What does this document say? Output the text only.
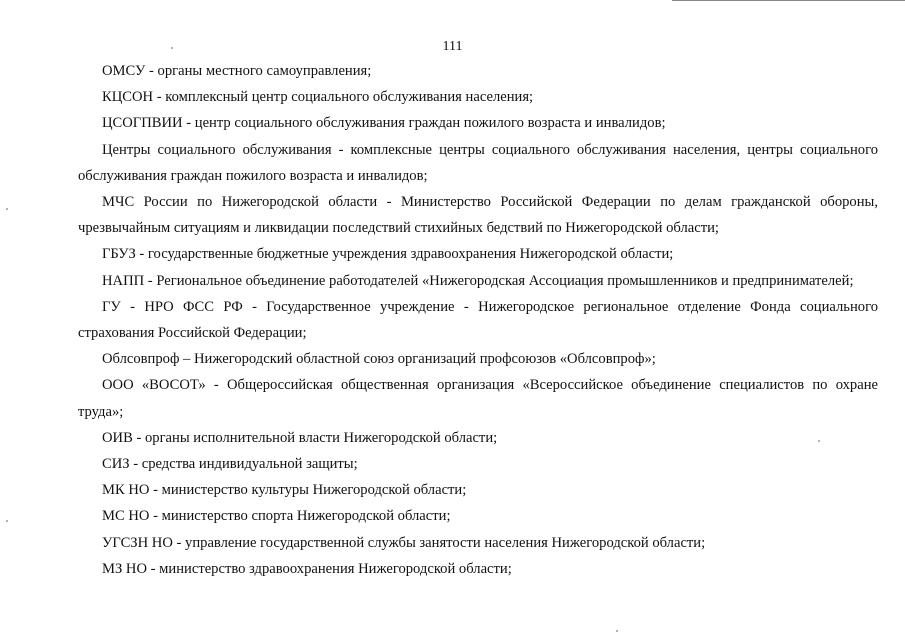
111
ОМСУ - органы местного самоуправления;
КЦСОН - комплексный центр социального обслуживания населения;
ЦСОГПВИИ - центр социального обслуживания граждан пожилого возраста и инвалидов;
Центры социального обслуживания - комплексные центры социального обслуживания населения, центры социального обслуживания граждан пожилого возраста и инвалидов;
МЧС России по Нижегородской области - Министерство Российской Федерации по делам гражданской обороны, чрезвычайным ситуациям и ликвидации последствий стихийных бедствий по Нижегородской области;
ГБУЗ - государственные бюджетные учреждения здравоохранения Нижегородской области;
НАПП - Региональное объединение работодателей «Нижегородская Ассоциация промышленников и предпринимателей;
ГУ - НРО ФСС РФ - Государственное учреждение - Нижегородское региональное отделение Фонда социального страхования Российской Федерации;
Облсовпроф – Нижегородский областной союз организаций профсоюзов «Облсовпроф»;
ООО «ВОСОТ» - Общероссийская общественная организация «Всероссийское объединение специалистов по охране труда»;
ОИВ - органы исполнительной власти Нижегородской области;
СИЗ - средства индивидуальной защиты;
МК НО - министерство культуры Нижегородской области;
МС НО - министерство спорта Нижегородской области;
УГСЗН НО - управление государственной службы занятости населения Нижегородской области;
МЗ НО - министерство здравоохранения Нижегородской области;
